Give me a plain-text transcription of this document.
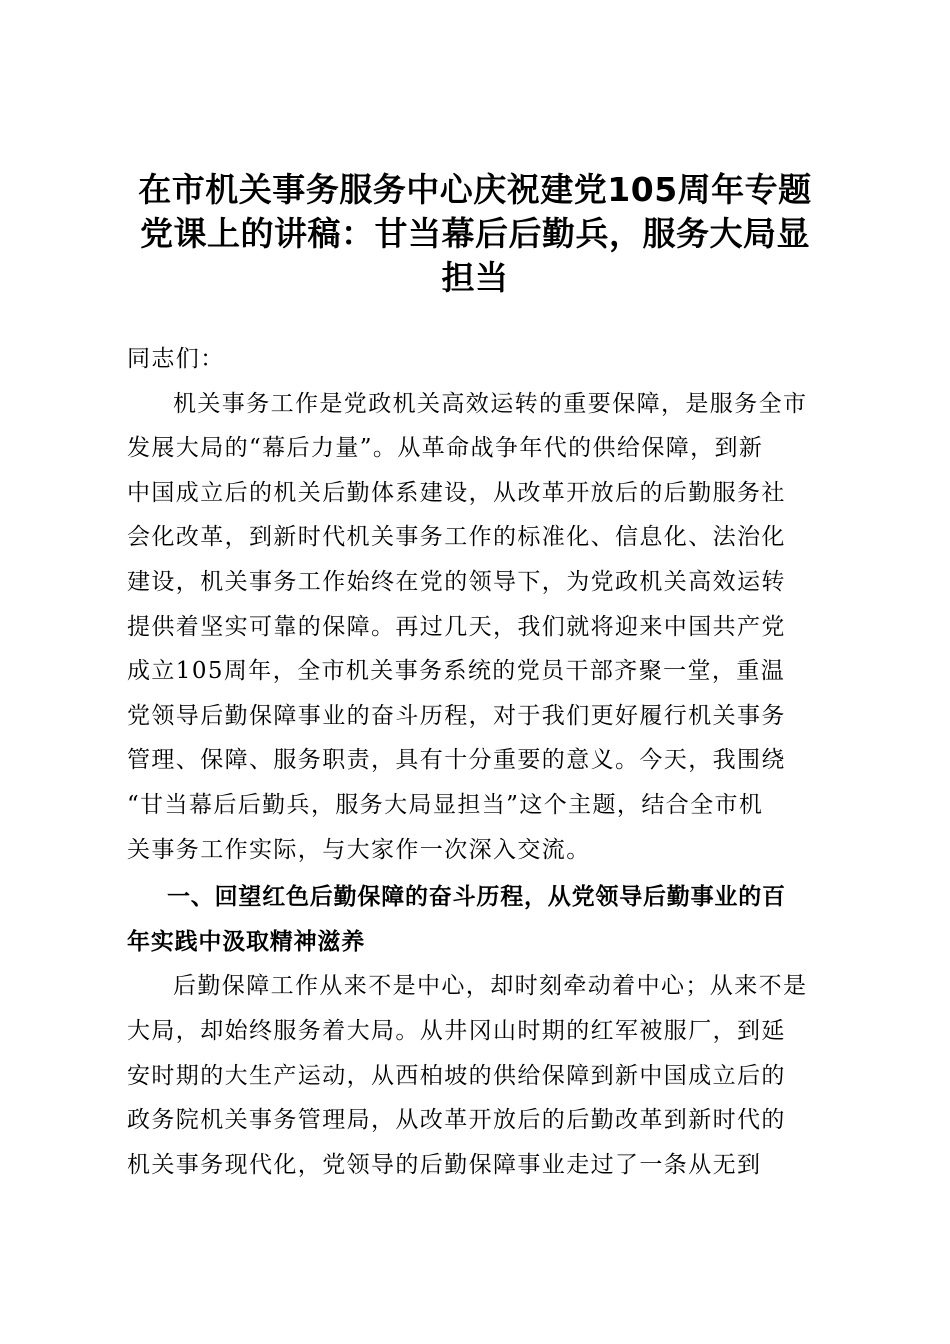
在市机关事务服务中心庆祝建党105周年专题
党课上的讲稿：甘当幕后后勤兵，服务大局显
担当
同志们：
机关事务工作是党政机关高效运转的重要保障，是服务全市
发展大局的“幕后力量”。从革命战争年代的供给保障，到新
中国成立后的机关后勤体系建设，从改革开放后的后勤服务社
会化改革，到新时代机关事务工作的标准化、信息化、法治化
建设，机关事务工作始终在党的领导下，为党政机关高效运转
提供着坚实可靠的保障。再过几天，我们就将迎来中国共产党
成立105周年，全市机关事务系统的党员干部齐聚一堂，重温
党领导后勤保障事业的奋斗历程，对于我们更好履行机关事务
管理、保障、服务职责，具有十分重要的意义。今天，我围绕
“甘当幕后后勤兵，服务大局显担当”这个主题，结合全市机
关事务工作实际，与大家作一次深入交流。
一、回望红色后勤保障的奋斗历程，从党领导后勤事业的百
年实践中汲取精神滋养
后勤保障工作从来不是中心，却时刻牵动着中心；从来不是
大局，却始终服务着大局。从井冈山时期的红军被服厂，到延
安时期的大生产运动，从西柏坡的供给保障到新中国成立后的
政务院机关事务管理局，从改革开放后的后勤改革到新时代的
机关事务现代化，党领导的后勤保障事业走过了一条从无到
